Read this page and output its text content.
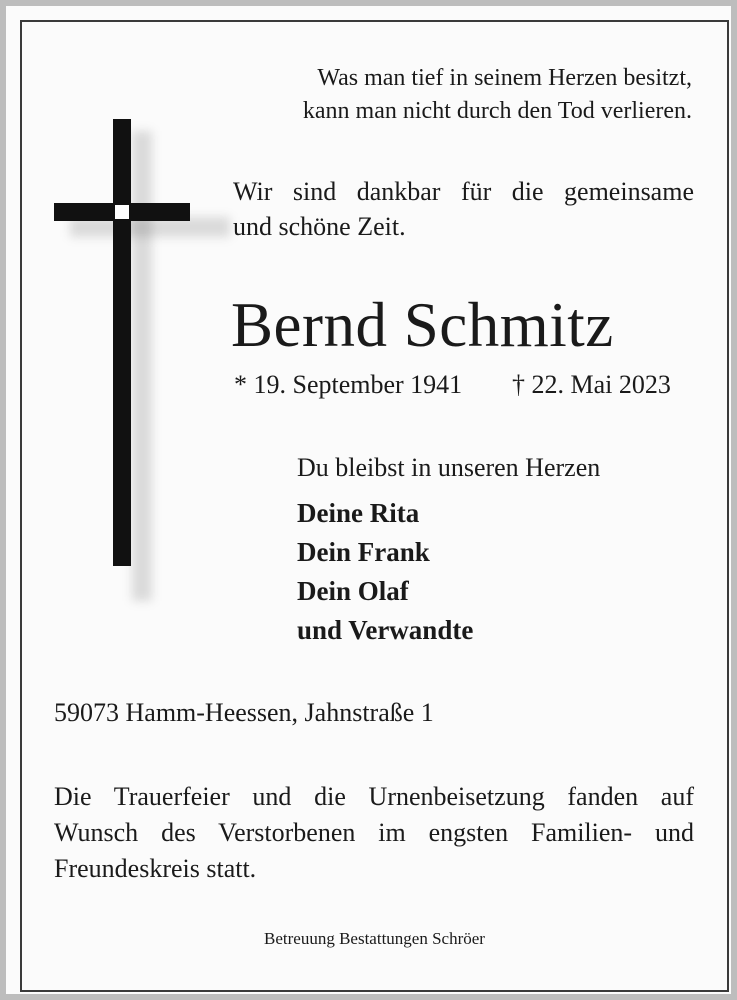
Was man tief in seinem Herzen besitzt,
kann man nicht durch den Tod verlieren.
Wir sind dankbar für die gemeinsame
und schöne Zeit.
Bernd Schmitz
* 19. September 1941 † 22. Mai 2023
Du bleibst in unseren Herzen
Deine Rita
Dein Frank
Dein Olaf
und Verwandte
59073 Hamm-Heessen, Jahnstraße 1
Die Trauerfeier und die Urnenbeisetzung fanden auf
Wunsch des Verstorbenen im engsten Familien- und
Freundeskreis statt.
Betreuung Bestattungen Schröer
